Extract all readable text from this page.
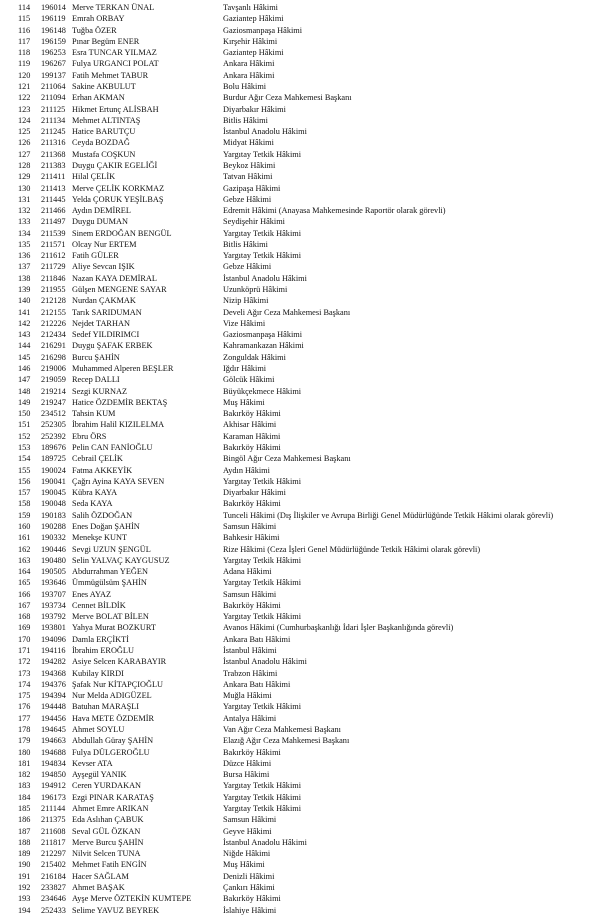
114 196014 Merve TERKAN ÜNAL	Tavşanlı Hâkimi
115 196119 Emrah ORBAY	Gaziantep Hâkimi
116 196148 Tuğba ÖZER	Gaziosmanpaşa Hâkimi
117 196159 Pınar Begüm ENER	Kırşehir Hâkimi
118 196253 Esra TUNCAR YILMAZ	Gaziantep Hâkimi
119 196267 Fulya URGANCI POLAT	Ankara Hâkimi
120 199137 Fatih Mehmet TABUR	Ankara Hâkimi
121 211064 Sakine AKBULUT	Bolu Hâkimi
122 211094 Erhan AKMAN	Burdur Ağır Ceza Mahkemesi Başkanı
123 211125 Hikmet Ertunç ALİSBAH	Diyarbakır Hâkimi
124 211134 Mehmet ALTINTAŞ	Bitlis Hâkimi
125 211245 Hatice BARUTÇU	İstanbul Anadolu Hâkimi
126 211316 Ceyda BOZDAĞ	Midyat Hâkimi
127 211368 Mustafa COŞKUN	Yargıtay Tetkik Hâkimi
128 211383 Duygu ÇAKIR EGELİĞİ	Beykoz Hâkimi
129 211411 Hilal ÇELİK	Tatvan Hâkimi
130 211413 Merve ÇELİK KORKMAZ	Gazipaşa Hâkimi
131 211445 Yelda ÇORUK YEŞİLBAŞ	Gebze Hâkimi
132 211466 Aydın DEMİREL	Edremit Hâkimi (Anayasa Mahkemesinde Raportör olarak görevli)
133 211497 Duygu DUMAN	Seydişehir Hâkimi
134 211539 Sinem ERDOĞAN BENGÜL	Yargıtay Tetkik Hâkimi
135 211571 Olcay Nur ERTEM	Bitlis Hâkimi
136 211612 Fatih GÜLER	Yargıtay Tetkik Hâkimi
137 211729 Aliye Sevcan IŞIK	Gebze Hâkimi
138 211846 Nazan KAYA DEMİRAL	İstanbul Anadolu Hâkimi
139 211955 Gülşen MENGENE SAYAR	Uzunköprü Hâkimi
140 212128 Nurdan ÇAKMAK	Nizip Hâkimi
141 212155 Tarık SARIDUMAN	Develi Ağır Ceza Mahkemesi Başkanı
142 212226 Nejdet TARHAN	Vize Hâkimi
143 212434 Sedef YILDIRIMCI	Gaziosmanpaşa Hâkimi
144 216291 Duygu ŞAFAK ERBEK	Kahramankazan Hâkimi
145 216298 Burcu ŞAHİN	Zonguldak Hâkimi
146 219006 Muhammed Alperen BEŞLER	Iğdır Hâkimi
147 219059 Recep DALLI	Gölcük Hâkimi
148 219214 Sezgi KURNAZ	Büyükçekmece Hâkimi
149 219247 Hatice ÖZDEMİR BEKTAŞ	Muş Hâkimi
150 234512 Tahsin KUM	Bakırköy Hâkimi
151 252305 İbrahim Halil KIZILELMA	Akhisar Hâkimi
152 252392 Ebru ÖRS	Karaman Hâkimi
153 189676 Pelin CAN FANİOĞLU	Bakırköy Hâkimi
154 189725 Cebrail ÇELİK	Bingöl Ağır Ceza Mahkemesi Başkanı
155 190024 Fatma AKKEYİK	Aydın Hâkimi
156 190041 Çağrı Ayina KAYA SEVEN	Yargıtay Tetkik Hâkimi
157 190045 Kübra KAYA	Diyarbakır Hâkimi
158 190048 Seda KAYA	Bakırköy Hâkimi
159 190183 Salih ÖZDOĞAN	Tunceli Hâkimi (Dış İlişkiler ve Avrupa Birliği Genel Müdürlüğünde Tetkik Hâkimi olarak görevli)
160 190288 Enes Doğan ŞAHİN	Samsun Hâkimi
161 190332 Menekşe KUNT	Bahkesir Hâkimi
162 190446 Sevgi UZUN ŞENGÜL	Rize Hâkimi (Ceza İşleri Genel Müdürlüğünde Tetkik Hâkimi olarak görevli)
163 190480 Selin YALVAÇ KAYGUSUZ	Yargıtay Tetkik Hâkimi
164 190505 Abdurrahman YEĞEN	Adana Hâkimi
165 193646 Ümmügülsüm ŞAHİN	Yargıtay Tetkik Hâkimi
166 193707 Enes AYAZ	Samsun Hâkimi
167 193734 Cennet BİLDİK	Bakırköy Hâkimi
168 193792 Merve BOLAT BİLEN	Yargıtay Tetkik Hâkimi
169 193801 Yahya Murat BOZKURT	Avanos Hâkimi (Cumhurbaşkanlığı İdari İşler Başkanlığında görevli)
170 194096 Damla ERÇİKTİ	Ankara Batı Hâkimi
171 194116 İbrahim EROĞLU	İstanbul Hâkimi
172 194282 Asiye Selcen KARABAYIR	İstanbul Anadolu Hâkimi
173 194368 Kubilay KIRDI	Trabzon Hâkimi
174 194376 Şafak Nur KİTAPÇIOĞLU	Ankara Batı Hâkimi
175 194394 Nur Melda ADIGÜZEL	Muğla Hâkimi
176 194448 Batuhan MARAŞLI	Yargıtay Tetkik Hâkimi
177 194456 Hava METE ÖZDEMİR	Antalya Hâkimi
178 194645 Ahmet SOYLU	Van Ağır Ceza Mahkemesi Başkanı
179 194663 Abdullah Güray ŞAHİN	Elazığ Ağır Ceza Mahkemesi Başkanı
180 194688 Fulya DÜLGEROĞLU	Bakırköy Hâkimi
181 194834 Kevser ATA	Düzce Hâkimi
182 194850 Ayşegül YANIK	Bursa Hâkimi
183 194912 Ceren YURDAKAN	Yargıtay Tetkik Hâkimi
184 196173 Ezgi PINAR KARATAŞ	Yargıtay Tetkik Hâkimi
185 211144 Ahmet Emre ARIKAN	Yargıtay Tetkik Hâkimi
186 211375 Eda Aslıhan ÇABUK	Samsun Hâkimi
187 211608 Seval GÜL ÖZKAN	Geyve Hâkimi
188 211817 Merve Burcu ŞAHİN	İstanbul Anadolu Hâkimi
189 212297 Nilvit Selcen TUNA	Niğde Hâkimi
190 215402 Mehmet Fatih ENGİN	Muş Hâkimi
191 216184 Hacer SAĞLAM	Denizli Hâkimi
192 233827 Ahmet BAŞAK	Çankırı Hâkimi
193 234646 Ayşe Merve ÖZTEKİN KUMTEPE	Bakırköy Hâkimi
194 252433 Selime YAVUZ BEYREK	İslahiye Hâkimi
